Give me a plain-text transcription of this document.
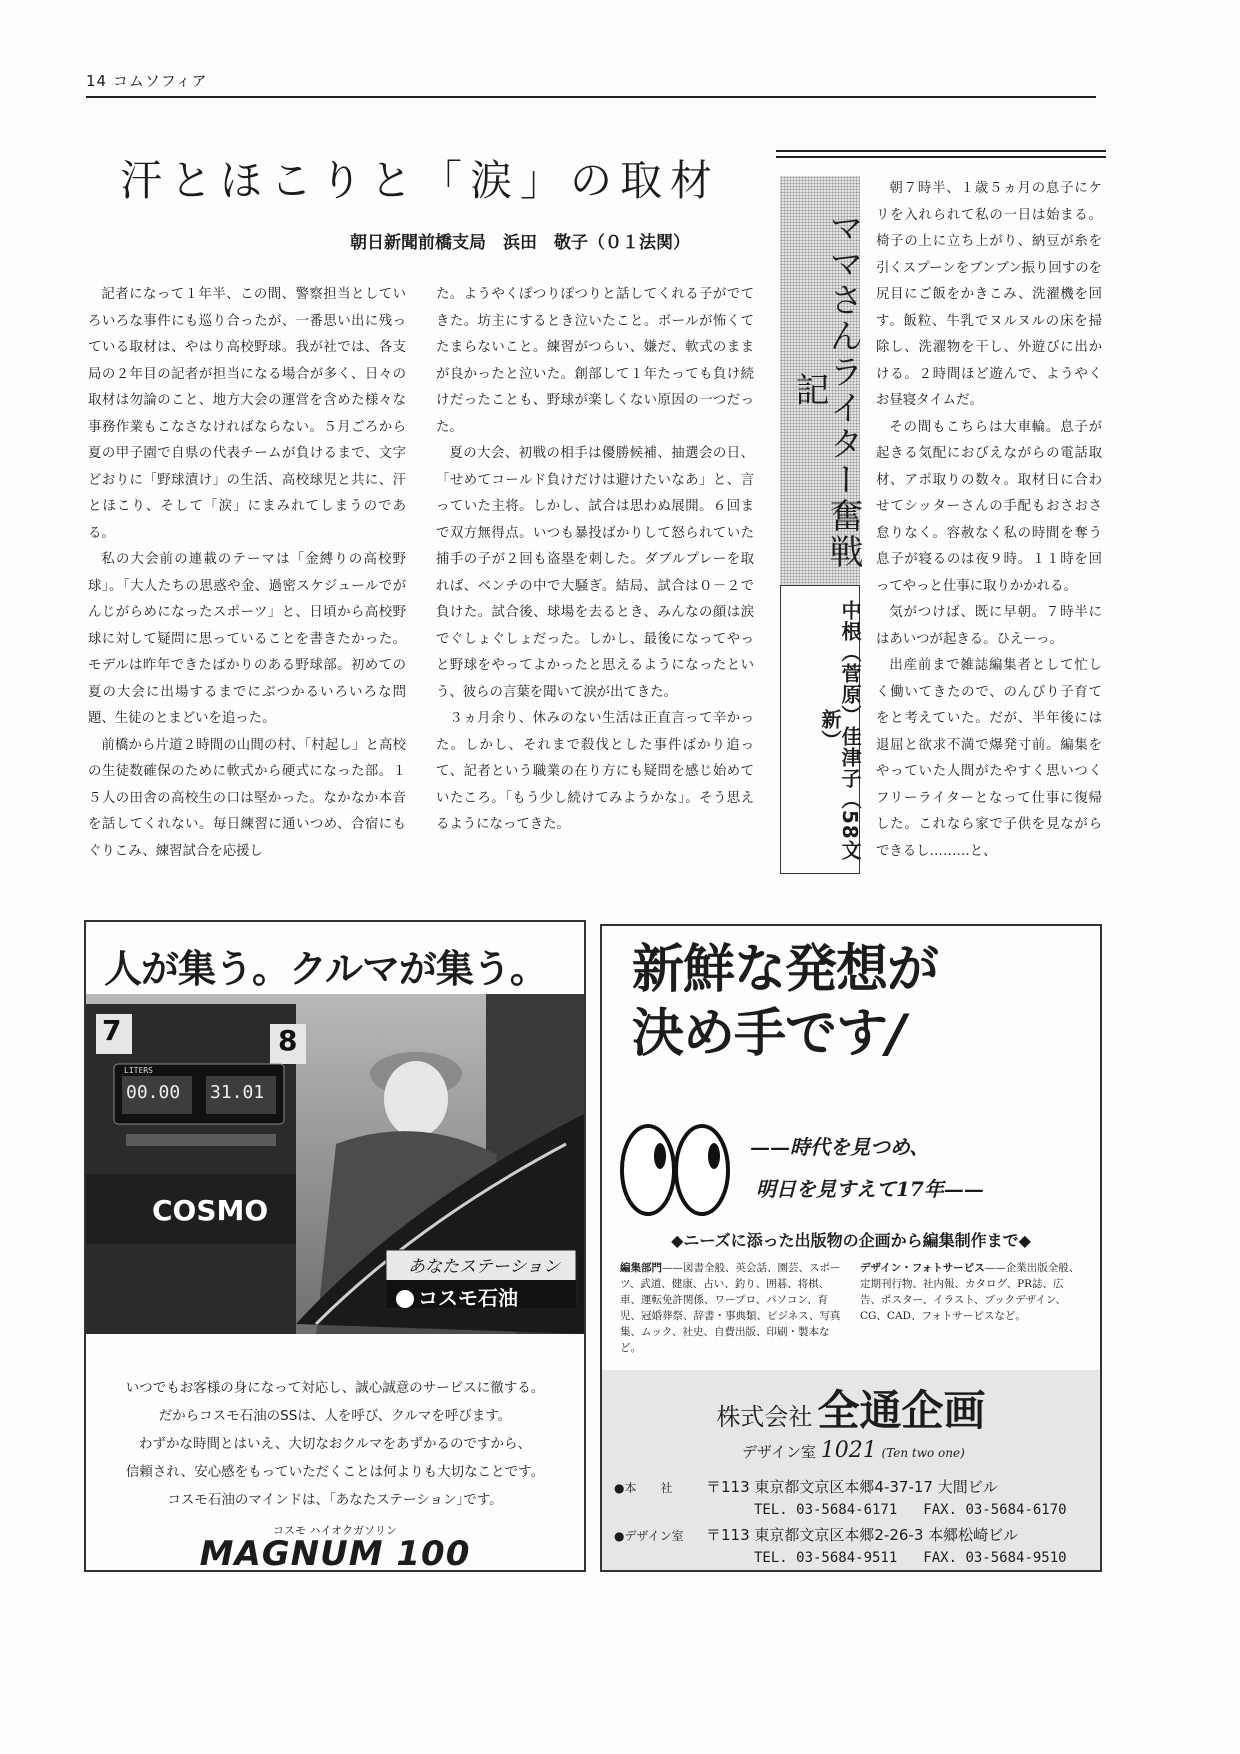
14 コムソフィア
汗とほこりと「涙」の取材
朝日新聞前橋支局　浜田　敬子（０１法関）

記者になって１年半、この間、警察担当としていろいろな事件にも巡り合ったが、一番思い出に残っている取材は、やはり高校野球。我が社では、各支局の２年目の記者が担当になる場合が多く、日々の取材は勿論のこと、地方大会の運営を含めた様々な事務作業もこなさなければならない。５月ごろから夏の甲子園で自県の代表チームが負けるまで、文字どおりに「野球漬け」の生活、高校球児と共に、汗とほこり、そして「涙」にまみれてしまうのである。

私の大会前の連載のテーマは「金縛りの高校野球」。「大人たちの思惑や金、過密スケジュールでがんじがらめになったスポーツ」と、日頃から高校野球に対して疑問に思っていることを書きたかった。モデルは昨年できたばかりのある野球部。初めての夏の大会に出場するまでにぶつかるいろいろな問題、生徒のとまどいを追った。

前橋から片道２時間の山間の村、「村起し」と高校の生徒数確保のために軟式から硬式になった部。１５人の田舎の高校生の口は堅かった。なかなか本音を話してくれない。毎日練習に通いつめ、合宿にもぐりこみ、練習試合を応援し

た。ようやくぽつりぽつりと話してくれる子がでてきた。坊主にするとき泣いたこと。ボールが怖くてたまらないこと。練習がつらい、嫌だ、軟式のままが良かったと泣いた。創部して１年たっても負け続けだったことも、野球が楽しくない原因の一つだった。

夏の大会、初戦の相手は優勝候補、抽選会の日、「せめてコールド負けだけは避けたいなあ」と、言っていた主将。しかし、試合は思わぬ展開。６回まで双方無得点。いつも暴投ばかりして怒られていた捕手の子が２回も盗塁を刺した。ダブルプレーを取れば、ベンチの中で大騒ぎ。結局、試合は０－２で負けた。試合後、球場を去るとき、みんなの顔は涙でぐしょぐしょだった。しかし、最後になってやっと野球をやってよかったと思えるようになったという、彼らの言葉を聞いて涙が出てきた。

３ヵ月余り、休みのない生活は正直言って辛かった。しかし、それまで殺伐とした事件ばかり追って、記者という職業の在り方にも疑問を感じ始めていたころ。「もう少し続けてみようかな」。そう思えるようになってきた。

ママさんライター奮戦記
中根（菅原）佳津子（58文新）

朝７時半、１歳５ヵ月の息子にケリを入れられて私の一日は始まる。椅子の上に立ち上がり、納豆が糸を引くスプーンをブンブン振り回すのを尻目にご飯をかきこみ、洗濯機を回す。飯粒、牛乳でヌルヌルの床を掃除し、洗濯物を干し、外遊びに出かける。２時間ほど遊んで、ようやくお昼寝タイムだ。

その間もこちらは大車輪。息子が起きる気配におびえながらの電話取材、アポ取りの数々。取材日に合わせてシッターさんの手配もおさおさ怠りなく。容赦なく私の時間を奪う息子が寝るのは夜９時。１１時を回ってやっと仕事に取りかかれる。

気がつけば、既に早朝。７時半にはあいつが起きる。ひえーっ。

出産前まで雑誌編集者として忙しく働いてきたので、のんびり子育てをと考えていた。だが、半年後には退屈と欲求不満で爆発寸前。編集をやっていた人間がたやすく思いつくフリーライターとなって仕事に復帰した。これなら家で子供を見ながらできるし………と、

人が集う。クルマが集う。
7	8
LITERS
00.00 31.01
COSMO
あなたステーション
コスモ石油
いつでもお客様の身になって対応し、誠心誠意のサービスに徹する。
だからコスモ石油のSSは、人を呼び、クルマを呼びます。
わずかな時間とはいえ、大切なおクルマをあずかるのですから、
信頼され、安心感をもっていただくことは何よりも大切なことです。
コスモ石油のマインドは、｢あなたステーション｣です。
コスモ ハイオクガソリン
MAGNUM 100
新鮮な発想が
決め手です/
——時代を見つめ、
明日を見すえて17年——
◆ニーズに添った出版物の企画から編集制作まで◆
編集部門——図書全般、英会話、園芸、スポーツ、武道、健康、占い、釣り、囲碁、将棋、車、運転免許関係、ワープロ、パソコン、育児、冠婚葬祭、辞書・事典類、ビジネス、写真集、ムック、社史、自費出版、印刷・製本など。
デザイン・フォトサービス——企業出版全般、定期刊行物、社内報、カタログ、PR誌、広告、ポスター、イラスト、ブックデザイン、CG、CAD、フォトサービスなど。
株式会社 全通企画
デザイン室 1021 (Ten two one)
●本　　社 〒113 東京都文京区本郷4-37-17 大間ビル
TEL. 03-5684-6171 FAX. 03-5684-6170
●デザイン室 〒113 東京都文京区本郷2-26-3 本郷松崎ビル
TEL. 03-5684-9511 FAX. 03-5684-9510
